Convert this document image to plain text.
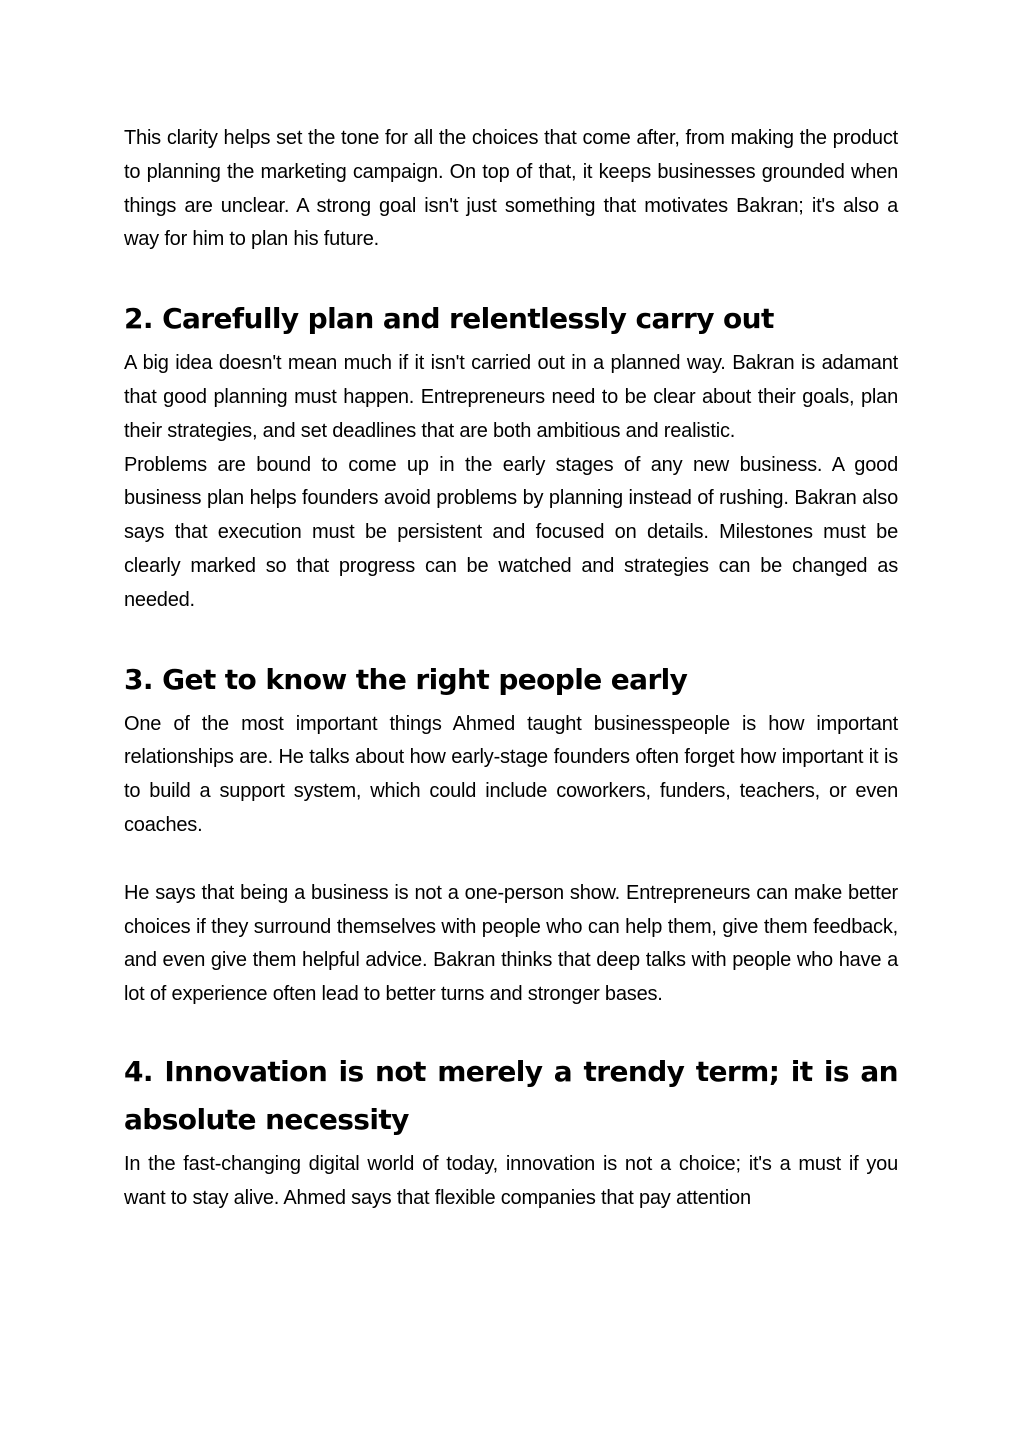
This clarity helps set the tone for all the choices that come after, from making the product to planning the marketing campaign. On top of that, it keeps businesses grounded when things are unclear. A strong goal isn't just something that motivates Bakran; it's also a way for him to plan his future.

2. Carefully plan and relentlessly carry out

A big idea doesn't mean much if it isn't carried out in a planned way. Bakran is adamant that good planning must happen. Entrepreneurs need to be clear about their goals, plan their strategies, and set deadlines that are both ambitious and realistic.

Problems are bound to come up in the early stages of any new business. A good business plan helps founders avoid problems by planning instead of rushing. Bakran also says that execution must be persistent and focused on details. Milestones must be clearly marked so that progress can be watched and strategies can be changed as needed.

3. Get to know the right people early

One of the most important things Ahmed taught businesspeople is how important relationships are. He talks about how early-stage founders often forget how important it is to build a support system, which could include coworkers, funders, teachers, or even coaches.

He says that being a business is not a one-person show. Entrepreneurs can make better choices if they surround themselves with people who can help them, give them feedback, and even give them helpful advice. Bakran thinks that deep talks with people who have a lot of experience often lead to better turns and stronger bases.

4. Innovation is not merely a trendy term; it is an absolute necessity

In the fast-changing digital world of today, innovation is not a choice; it's a must if you want to stay alive. Ahmed says that flexible companies that pay attention
